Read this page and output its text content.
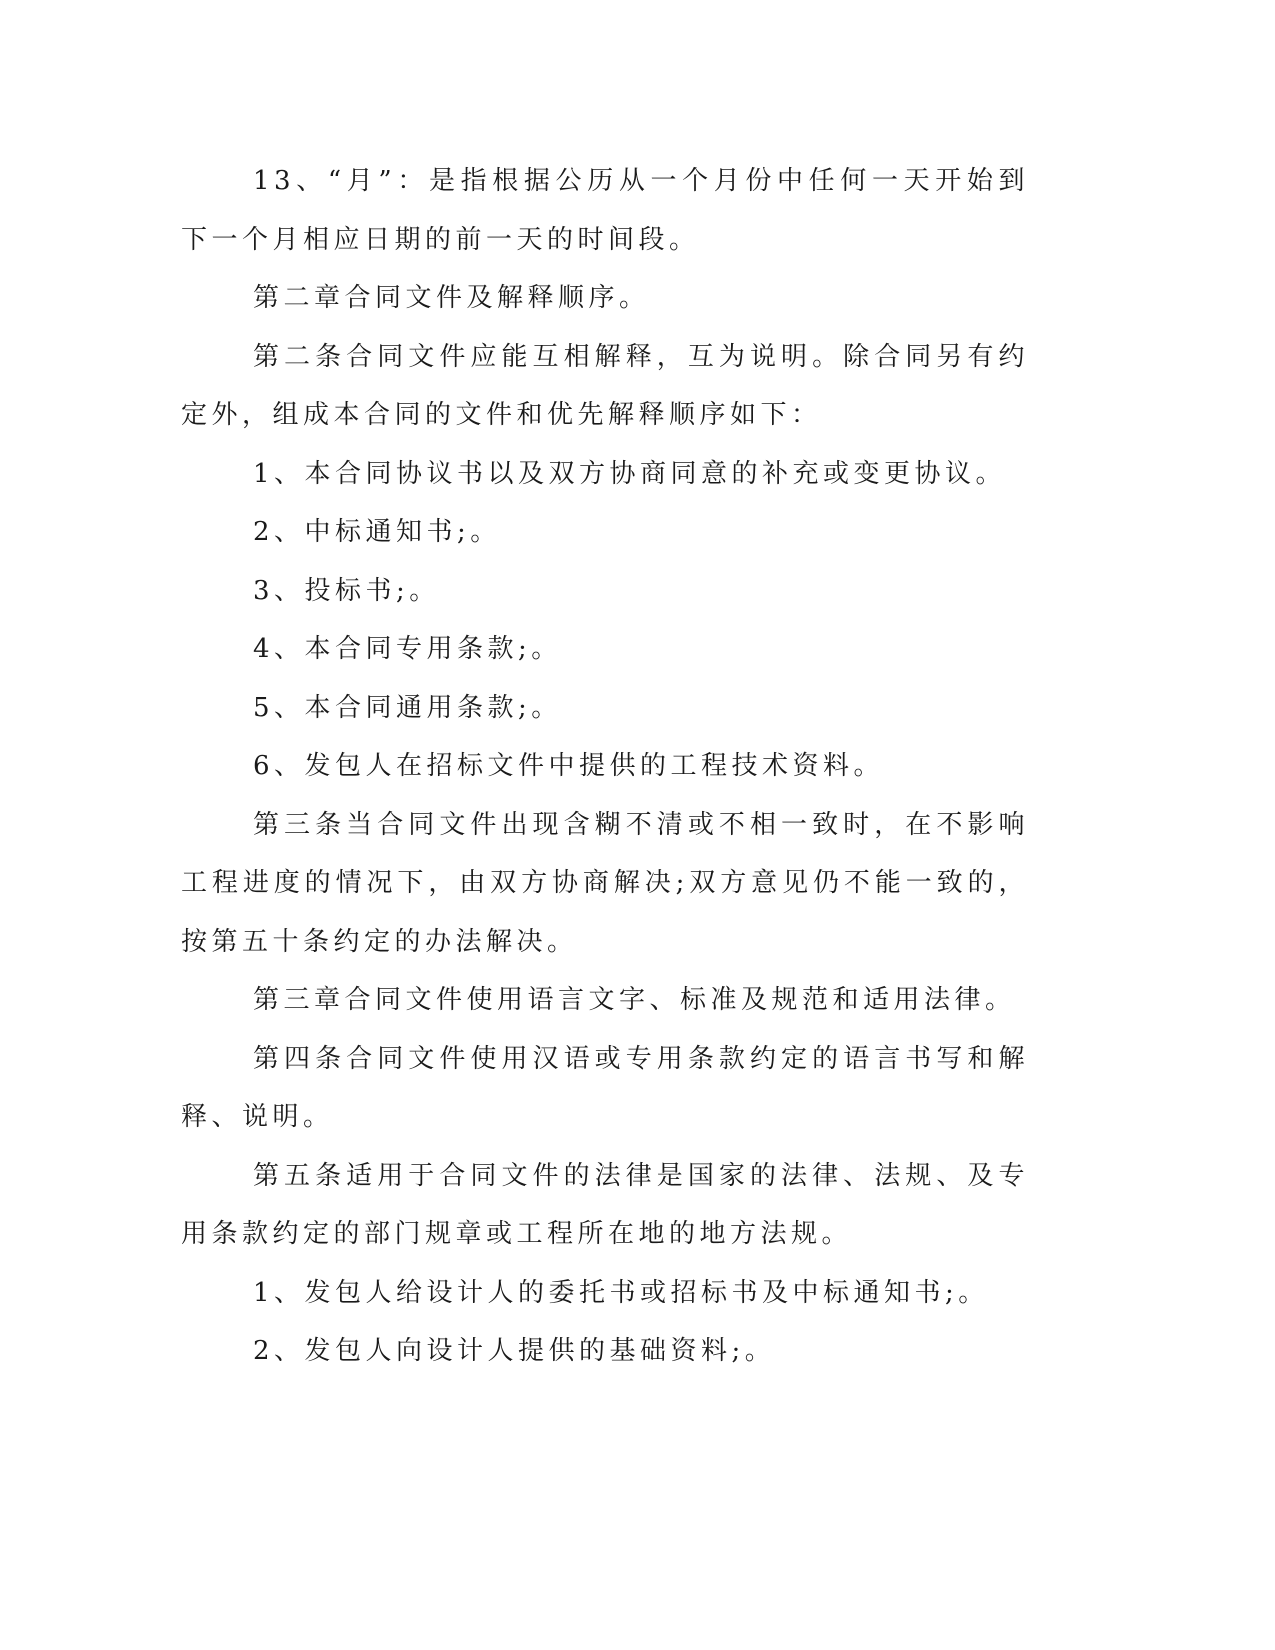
13、“月”：是指根据公历从一个月份中任何一天开始到下一个月相应日期的前一天的时间段。

第二章合同文件及解释顺序。

第二条合同文件应能互相解释，互为说明。除合同另有约定外，组成本合同的文件和优先解释顺序如下：

1、本合同协议书以及双方协商同意的补充或变更协议。

2、中标通知书;。

3、投标书;。

4、本合同专用条款;。

5、本合同通用条款;。

6、发包人在招标文件中提供的工程技术资料。

第三条当合同文件出现含糊不清或不相一致时，在不影响工程进度的情况下，由双方协商解决;双方意见仍不能一致的，按第五十条约定的办法解决。

第三章合同文件使用语言文字、标准及规范和适用法律。

第四条合同文件使用汉语或专用条款约定的语言书写和解释、说明。

第五条适用于合同文件的法律是国家的法律、法规、及专用条款约定的部门规章或工程所在地的地方法规。

1、发包人给设计人的委托书或招标书及中标通知书;。

2、发包人向设计人提供的基础资料;。
